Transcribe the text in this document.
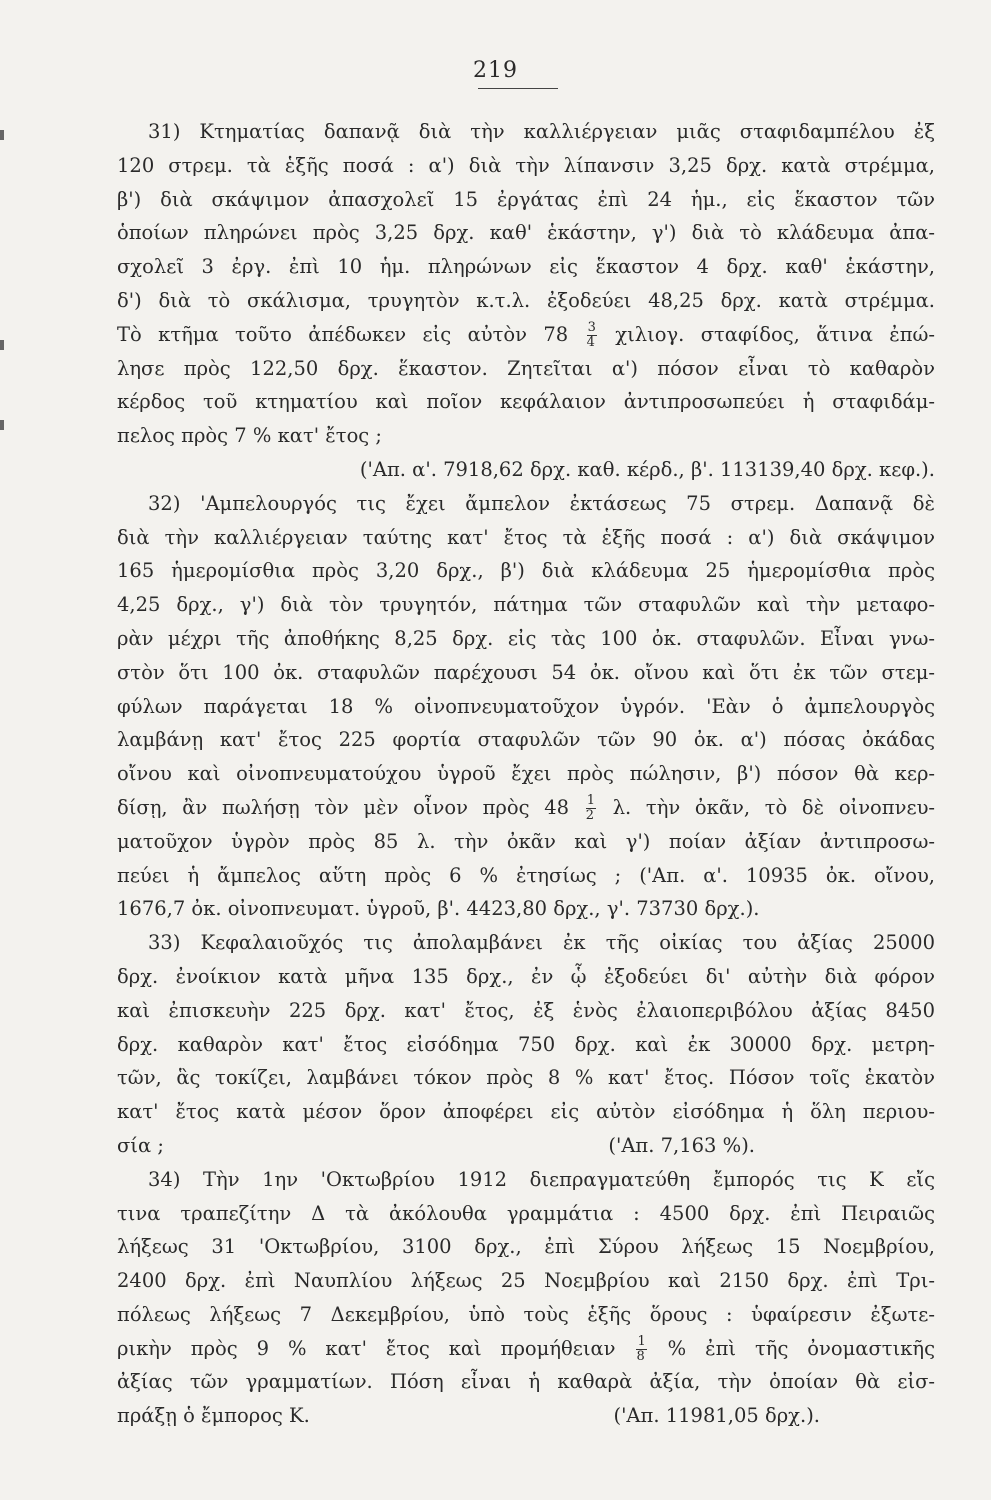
219
31) Κτηματίας δαπανᾷ διὰ τὴν καλλιέργειαν μιᾶς σταφιδαμπέλου ἐξ
120 στρεμ. τὰ ἑξῆς ποσά : α') διὰ τὴν λίπανσιν 3,25 δρχ. κατὰ στρέμμα,
β') διὰ σκάψιμον ἀπασχολεῖ 15 ἐργάτας ἐπὶ 24 ἡμ., εἰς ἕκαστον τῶν
ὁποίων πληρώνει πρὸς 3,25 δρχ. καθ' ἑκάστην, γ') διὰ τὸ κλάδευμα ἀπα-
σχολεῖ 3 ἐργ. ἐπὶ 10 ἡμ. πληρώνων εἰς ἕκαστον 4 δρχ. καθ' ἑκάστην,
δ') διὰ τὸ σκάλισμα, τρυγητὸν κ.τ.λ. ἐξοδεύει 48,25 δρχ. κατὰ στρέμμα.
Τὸ κτῆμα τοῦτο ἀπέδωκεν εἰς αὐτὸν $78 \frac{3}{4} \chi\iota\lambda\iota o\gamma$. σταφίδος, ἅτινα ἐπώ-
λησε πρὸς 122,50 δρχ. ἕκαστον. Ζητεῖται α') πόσον εἶναι τὸ καθαρὸν
κέρδος τοῦ κτηματίου καὶ ποῖον κεφάλαιον ἀντιπροσωπεύει ἡ σταφιδάμ-
πελος πρὸς 7 % κατ' ἔτος ;
('Απ. α'. 7918,62 δρχ. καθ. κέρδ., β'. 113139,40 δρχ. κεφ.).
32) 'Αμπελουργός τις ἔχει ἄμπελον ἐκτάσεως 75 στρεμ. Δαπανᾷ δὲ
διὰ τὴν καλλιέργειαν ταύτης κατ' ἔτος τὰ ἑξῆς ποσά : α') διὰ σκάψιμον
165 ἡμερομίσθια πρὸς 3,20 δρχ., β') διὰ κλάδευμα 25 ἡμερομίσθια πρὸς
4,25 δρχ., γ') διὰ τὸν τρυγητόν, πάτημα τῶν σταφυλῶν καὶ τὴν μεταφο-
ρὰν μέχρι τῆς ἀποθήκης 8,25 δρχ. εἰς τὰς 100 ὀκ. σταφυλῶν. Εἶναι γνω-
στὸν ὅτι 100 ὀκ. σταφυλῶν παρέχουσι 54 ὀκ. οἴνου καὶ ὅτι ἐκ τῶν στεμ-
φύλων παράγεται 18 % οἰνοπνευματοῦχον ὑγρόν. 'Εὰν ὁ ἀμπελουργὸς
λαμβάνῃ κατ' ἔτος 225 φορτία σταφυλῶν τῶν 90 ὀκ. α') πόσας ὀκάδας
οἴνου καὶ οἰνοπνευματούχου ὑγροῦ ἔχει πρὸς πώλησιν, β') πόσον θὰ κερ-
δίσῃ, ἂν πωλήσῃ τὸν μὲν οἶνον πρὸς $48 \frac{1}{2} \lambda$. τὴν ὀκᾶν, τὸ δὲ οἰνοπνευ-
ματοῦχον ὑγρὸν πρὸς 85 λ. τὴν ὀκᾶν καὶ γ') ποίαν ἀξίαν ἀντιπροσω-
πεύει ἡ ἄμπελος αὕτη πρὸς 6 % ἐτησίως ; ('Απ. α'. 10935 ὀκ. οἴνου,
1676,7 ὀκ. οἰνοπνευματ. ὑγροῦ, β'. 4423,80 δρχ., γ'. 73730 δρχ.).
33) Κεφαλαιοῦχός τις ἀπολαμβάνει ἐκ τῆς οἰκίας του ἀξίας 25000
δρχ. ἐνοίκιον κατὰ μῆνα 135 δρχ., ἐν ᾧ ἐξοδεύει δι' αὐτὴν διὰ φόρον
καὶ ἐπισκευὴν 225 δρχ. κατ' ἔτος, ἐξ ἑνὸς ἐλαιοπεριβόλου ἀξίας 8450
δρχ. καθαρὸν κατ' ἔτος εἰσόδημα 750 δρχ. καὶ ἐκ 30000 δρχ. μετρη-
τῶν, ἃς τοκίζει, λαμβάνει τόκον πρὸς 8 % κατ' ἔτος. Πόσον τοῖς ἑκατὸν
κατ' ἔτος κατὰ μέσον ὅρον ἀποφέρει εἰς αὐτὸν εἰσόδημα ἡ ὅλη περιου-
σία ;	('Απ. 7,163 %).
34) Τὴν 1ην 'Οκτωβρίου 1912 διεπραγματεύθη ἔμπορός τις Κ εἴς
τινα τραπεζίτην Δ τὰ ἀκόλουθα γραμμάτια : 4500 δρχ. ἐπὶ Πειραιῶς
λήξεως 31 'Οκτωβρίου, 3100 δρχ., ἐπὶ Σύρου λήξεως 15 Νοεμβρίου,
2400 δρχ. ἐπὶ Ναυπλίου λήξεως 25 Νοεμβρίου καὶ 2150 δρχ. ἐπὶ Τρι-
πόλεως λήξεως 7 Δεκεμβρίου, ὑπὸ τοὺς ἑξῆς ὅρους : ὑφαίρεσιν ἐξωτε-
ρικὴν πρὸς 9 % κατ' ἔτος καὶ προμήθειαν $\frac{1}{8}$ % ἐπὶ τῆς ὀνομαστικῆς
ἀξίας τῶν γραμματίων. Πόση εἶναι ἡ καθαρὰ ἀξία, τὴν ὁποίαν θὰ εἰσ-
πράξῃ ὁ ἔμπορος Κ.	('Απ. 11981,05 δρχ.).
